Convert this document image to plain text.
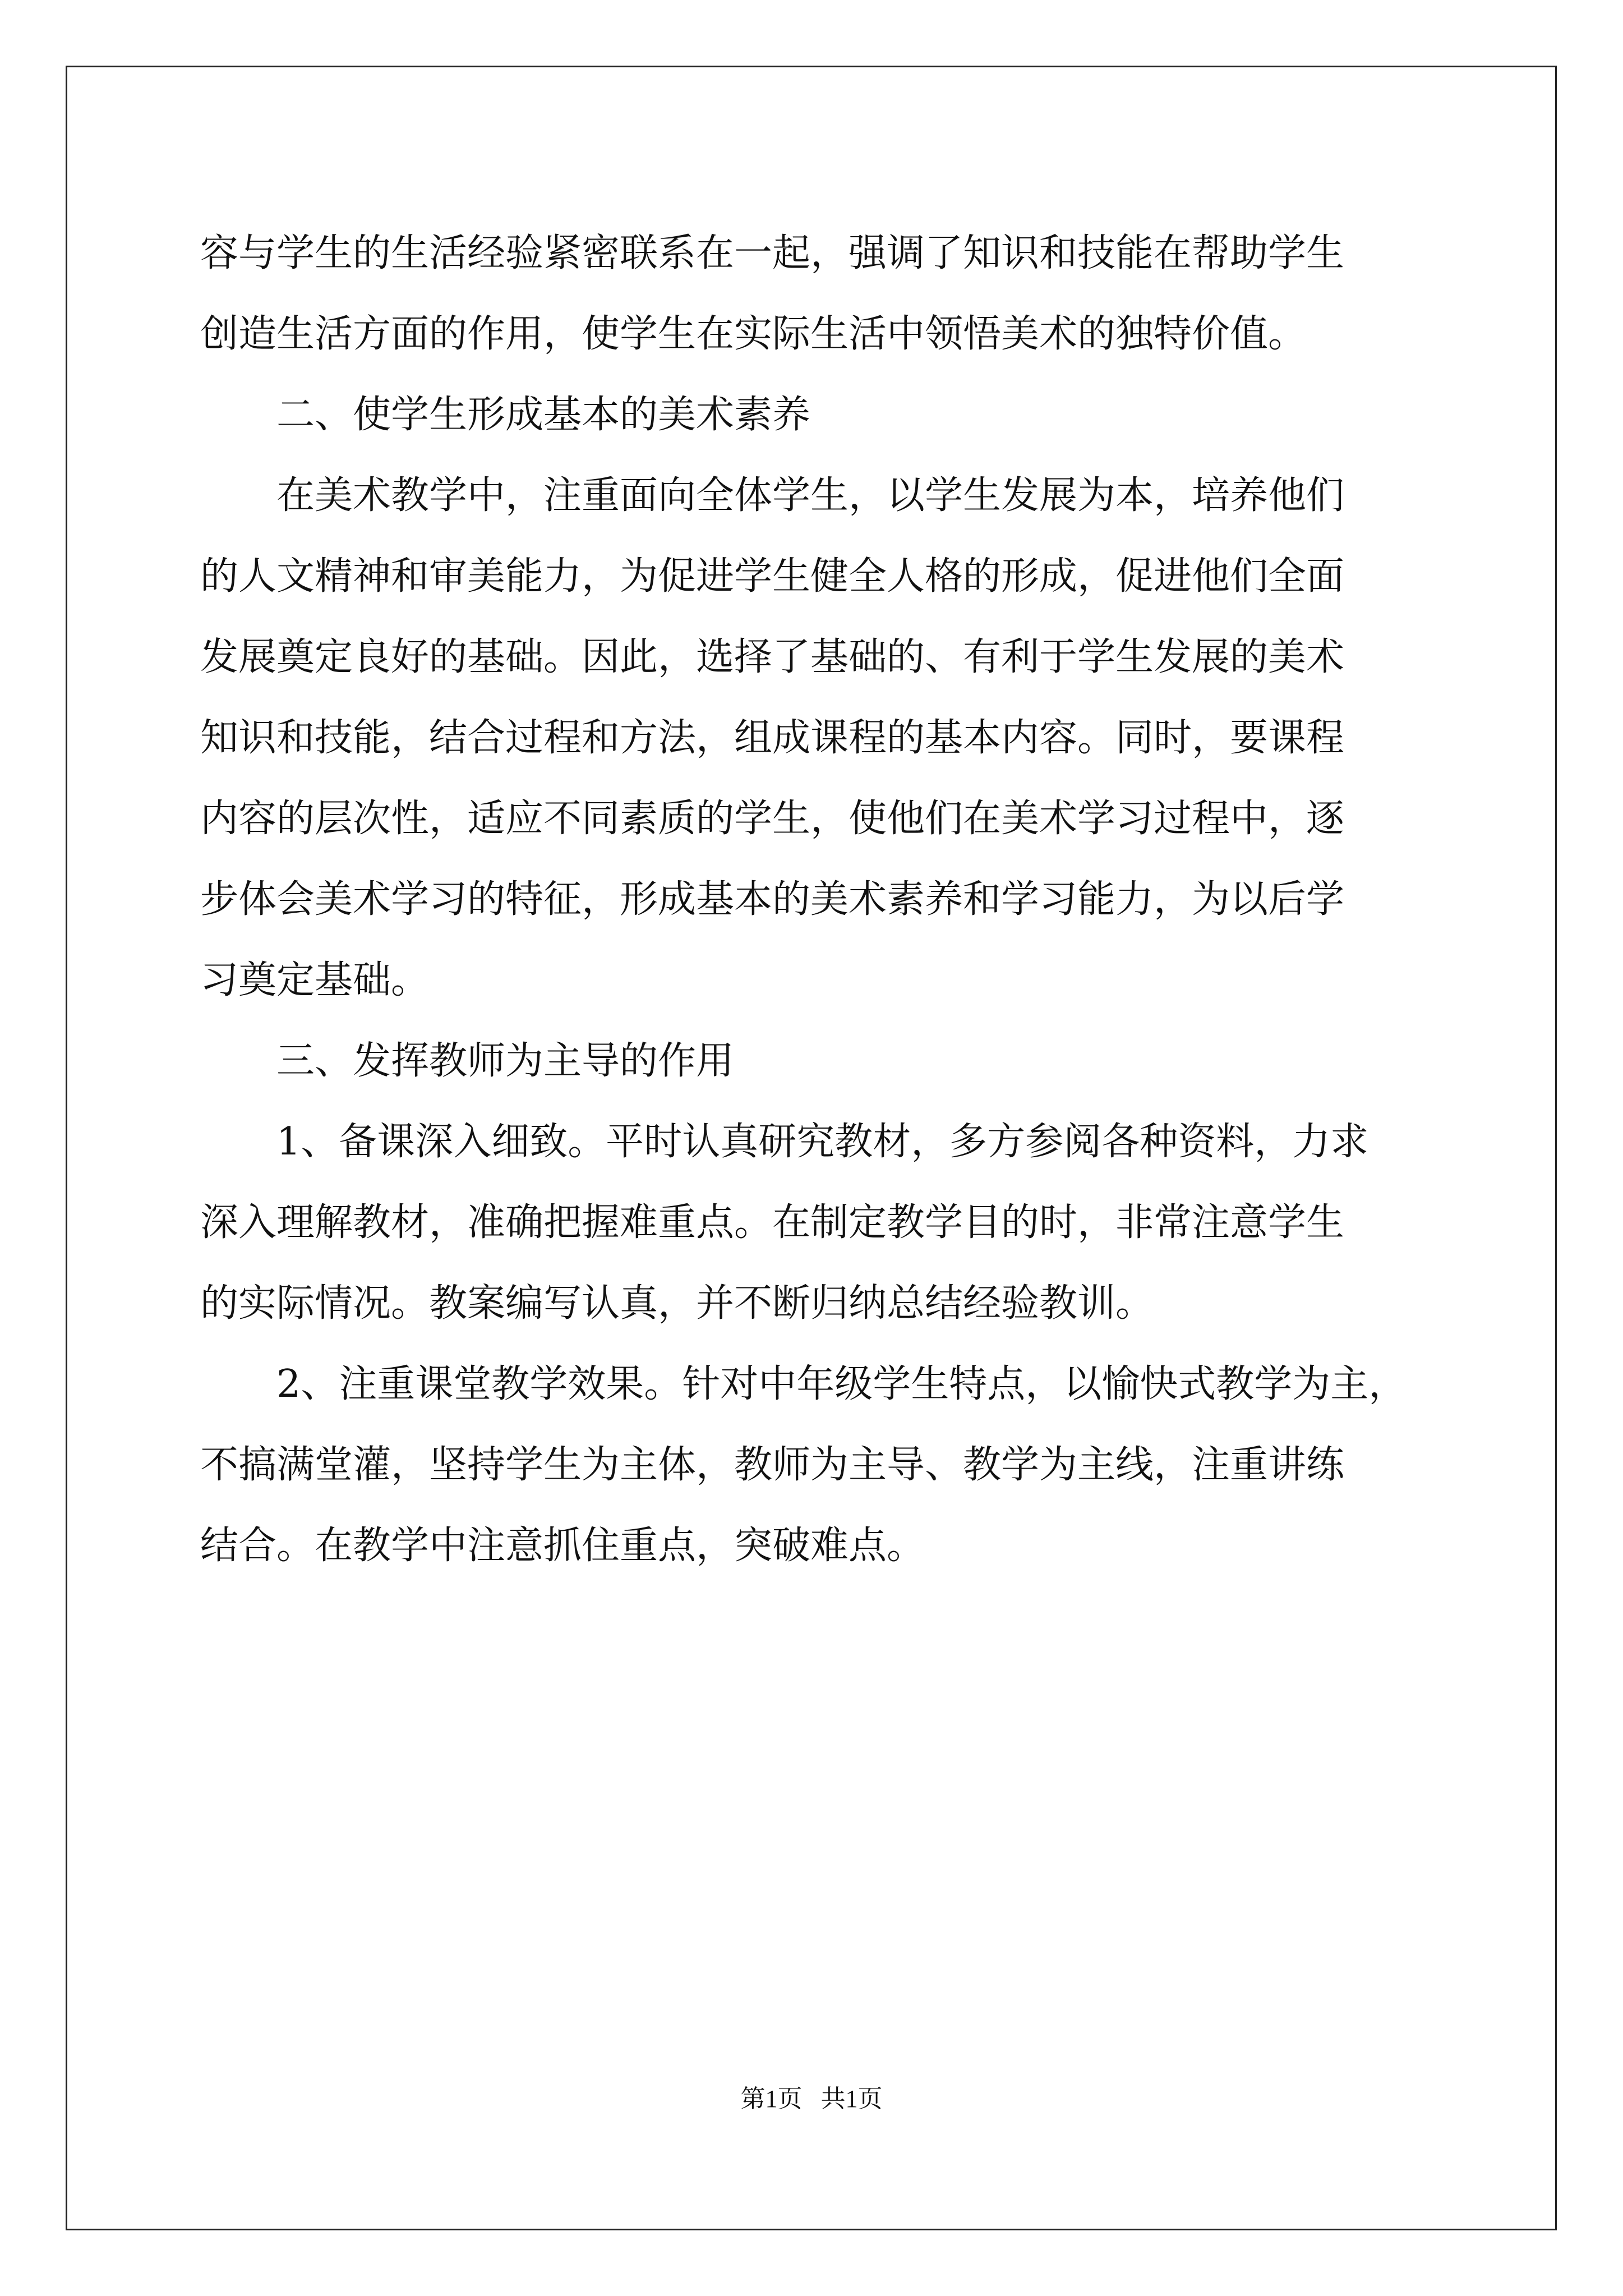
容与学生的生活经验紧密联系在一起，强调了知识和技能在帮助学生
创造生活方面的作用，使学生在实际生活中领悟美术的独特价值。
二、使学生形成基本的美术素养
在美术教学中，注重面向全体学生，以学生发展为本，培养他们
的人文精神和审美能力，为促进学生健全人格的形成，促进他们全面
发展奠定良好的基础。因此，选择了基础的、有利于学生发展的美术
知识和技能，结合过程和方法，组成课程的基本内容。同时，要课程
内容的层次性，适应不同素质的学生，使他们在美术学习过程中，逐
步体会美术学习的特征，形成基本的美术素养和学习能力，为以后学
习奠定基础。
三、发挥教师为主导的作用
1、备课深入细致。平时认真研究教材，多方参阅各种资料，力求
深入理解教材，准确把握难重点。在制定教学目的时，非常注意学生
的实际情况。教案编写认真，并不断归纳总结经验教训。
2、注重课堂教学效果。针对中年级学生特点，以愉快式教学为主，
不搞满堂灌，坚持学生为主体，教师为主导、教学为主线，注重讲练
结合。在教学中注意抓住重点，突破难点。
第1页   共1页
